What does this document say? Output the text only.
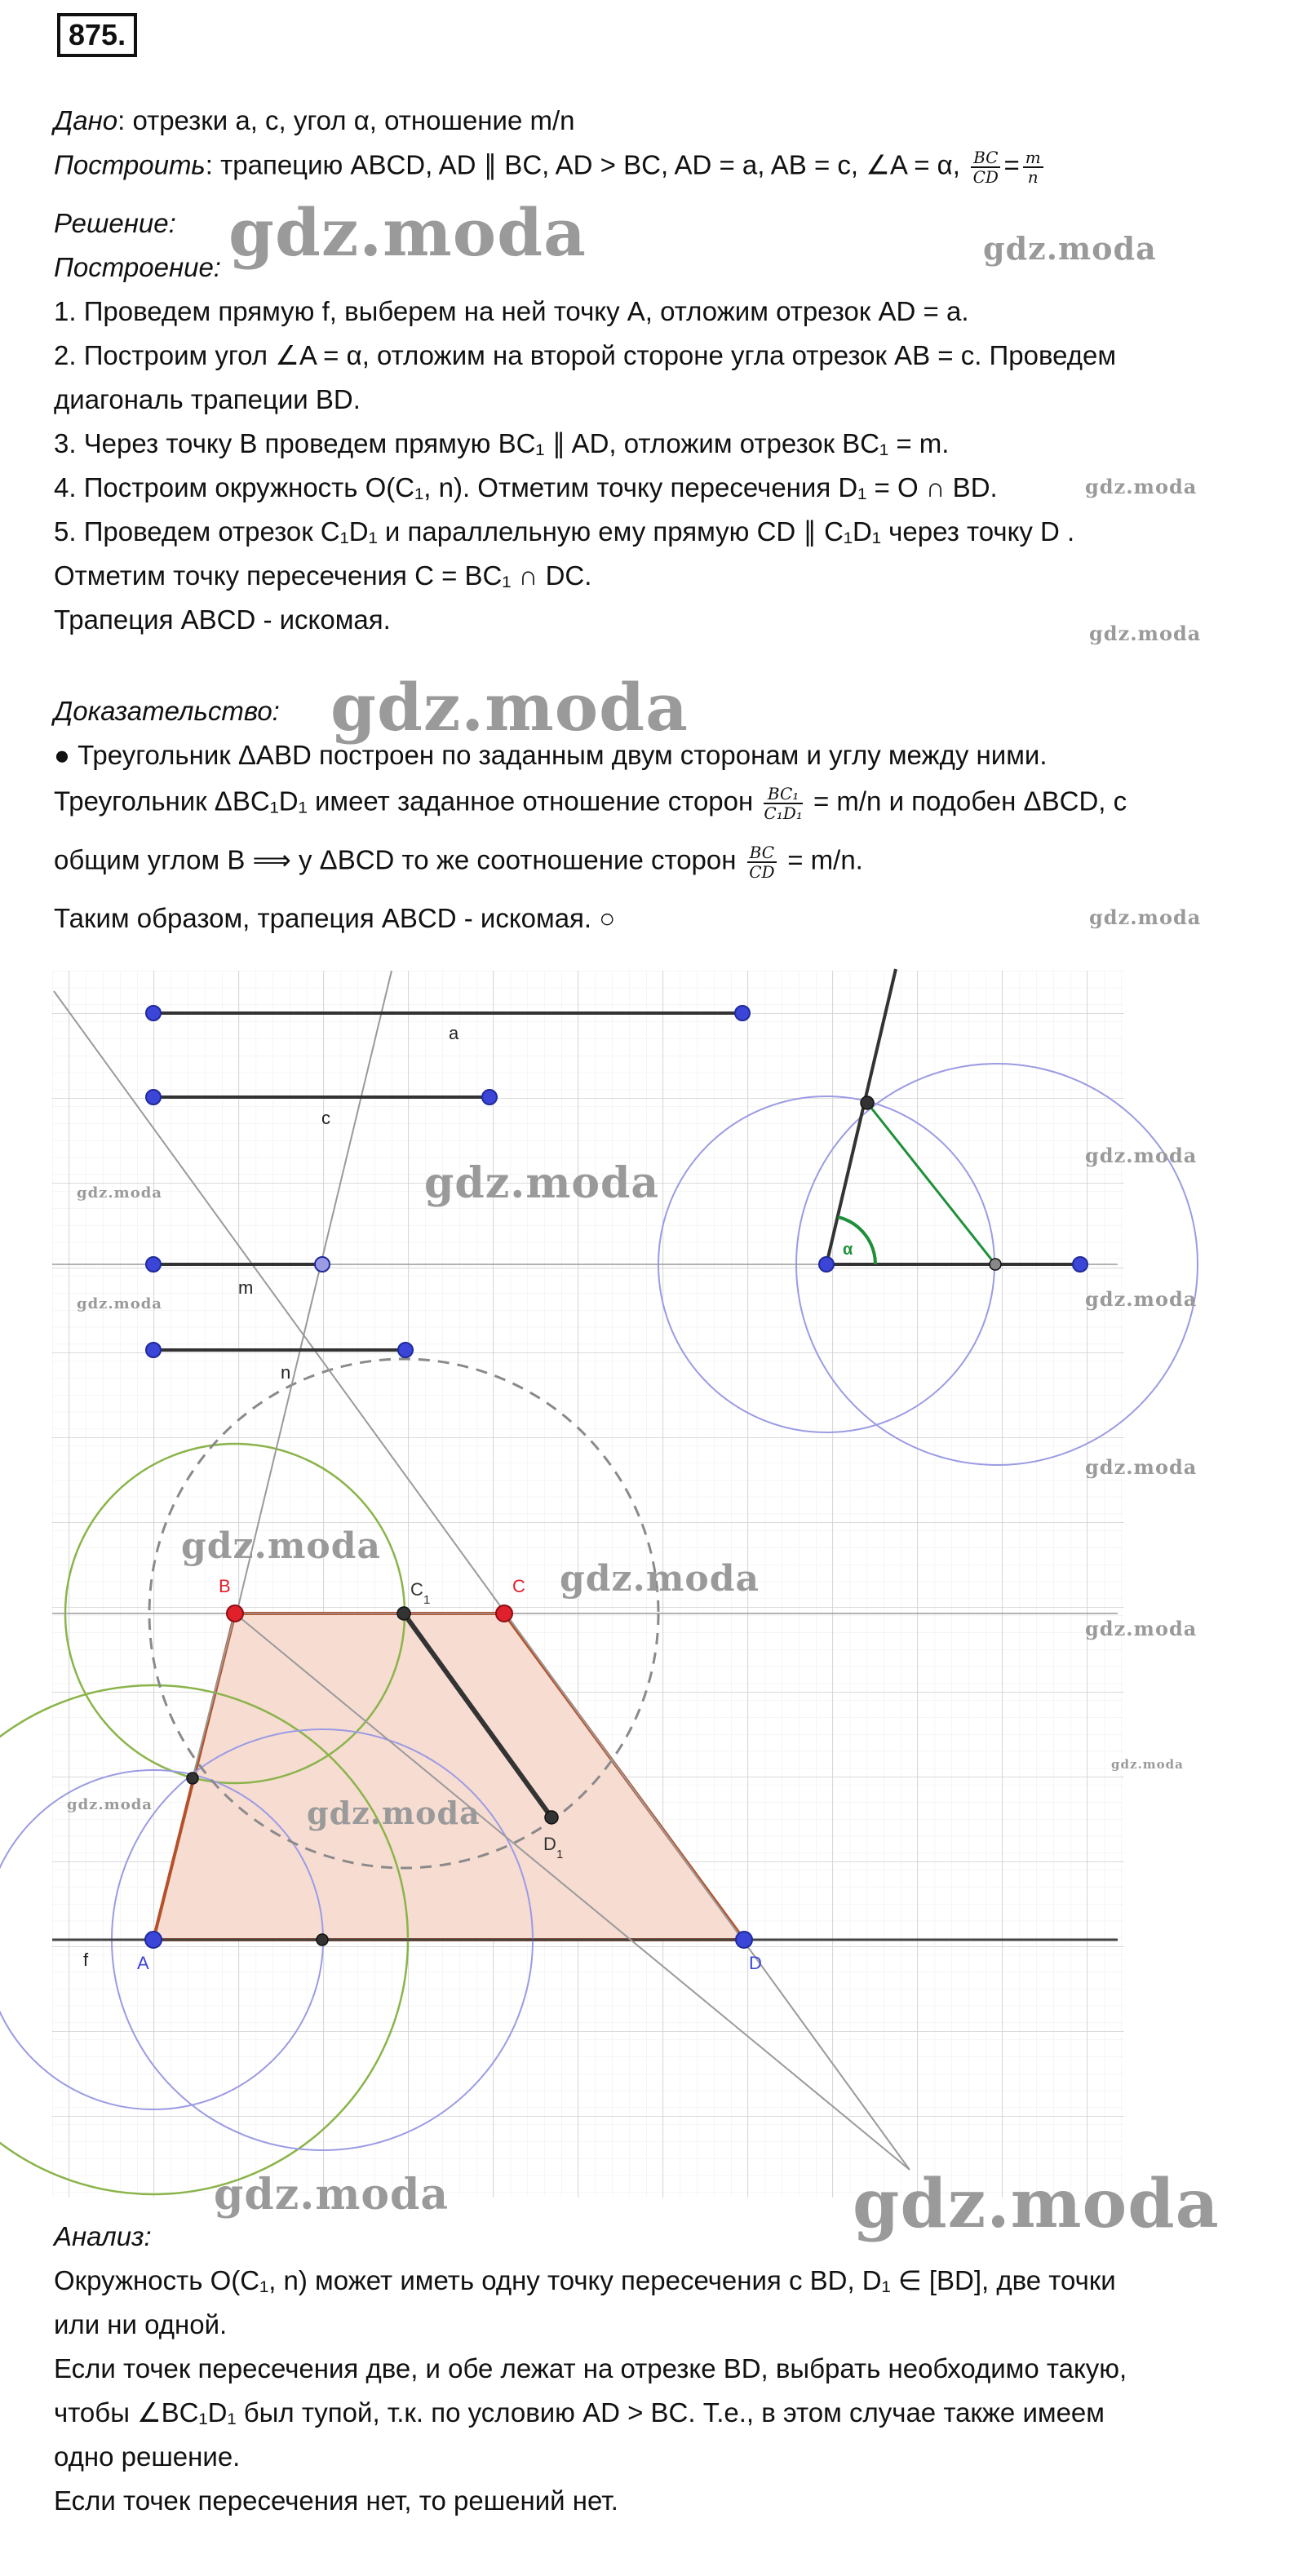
875.
Дано: отрезки a, c, угол α, отношение m/n
Построить: трапецию ABCD, AD ∥ BC, AD > BC, AD = a, AB = c, ∠A = α, $\frac{BC}{CD} = \frac{m}{n}$
Решение:
Построение:
1. Проведем прямую f, выберем на ней точку A, отложим отрезок AD = a.
2. Построим угол ∠A = α, отложим на второй стороне угла отрезок AB = c. Проведем
диагональ трапеции BD.
3. Через точку B проведем прямую BC₁ ∥ AD, отложим отрезок BC₁ = m.
4. Построим окружность O(C₁, n). Отметим точку пересечения D₁ = O ∩ BD.
5. Проведем отрезок C₁D₁ и параллельную ему прямую CD ∥ C₁D₁ через точку D .
Отметим точку пересечения C = BC₁ ∩ DC.
Трапеция ABCD - искомая.
Доказательство:
● Треугольник ΔABD построен по заданным двум сторонам и углу между ними.
Треугольник ΔBC₁D₁ имеет заданное отношение сторон $\frac{\text{BC₁}}{\text{C₁D₁}} = m/n$ и подобен ΔBCD, с
общим углом B ⟹ у ΔBCD то же соотношение сторон $\frac{BC}{CD} = m/n$.
Таким образом, трапеция ABCD - искомая. ○
a
c
m
n
f
B	C
C
1
D
1
A	D
α
Анализ:
Окружность O(C₁, n) может иметь одну точку пересечения с BD, D₁ ∈ [BD], две точки
или ни одной.
Если точек пересечения две, и обе лежат на отрезке BD, выбрать необходимо такую,
чтобы ∠BC₁D₁ был тупой, т.к. по условию AD > BC. Т.е., в этом случае также имеем
одно решение.
Если точек пересечения нет, то решений нет.
gdz.moda	gdz.moda
gdz.moda
gdz.moda
gdz.moda
gdz.moda
gdz.moda
gdz.moda
gdz.moda
gdz.moda	gdz.moda
gdz.moda
gdz.moda
gdz.moda
gdz.moda
gdz.moda
gdz.moda	gdz.moda
gdz.moda	gdz.moda
